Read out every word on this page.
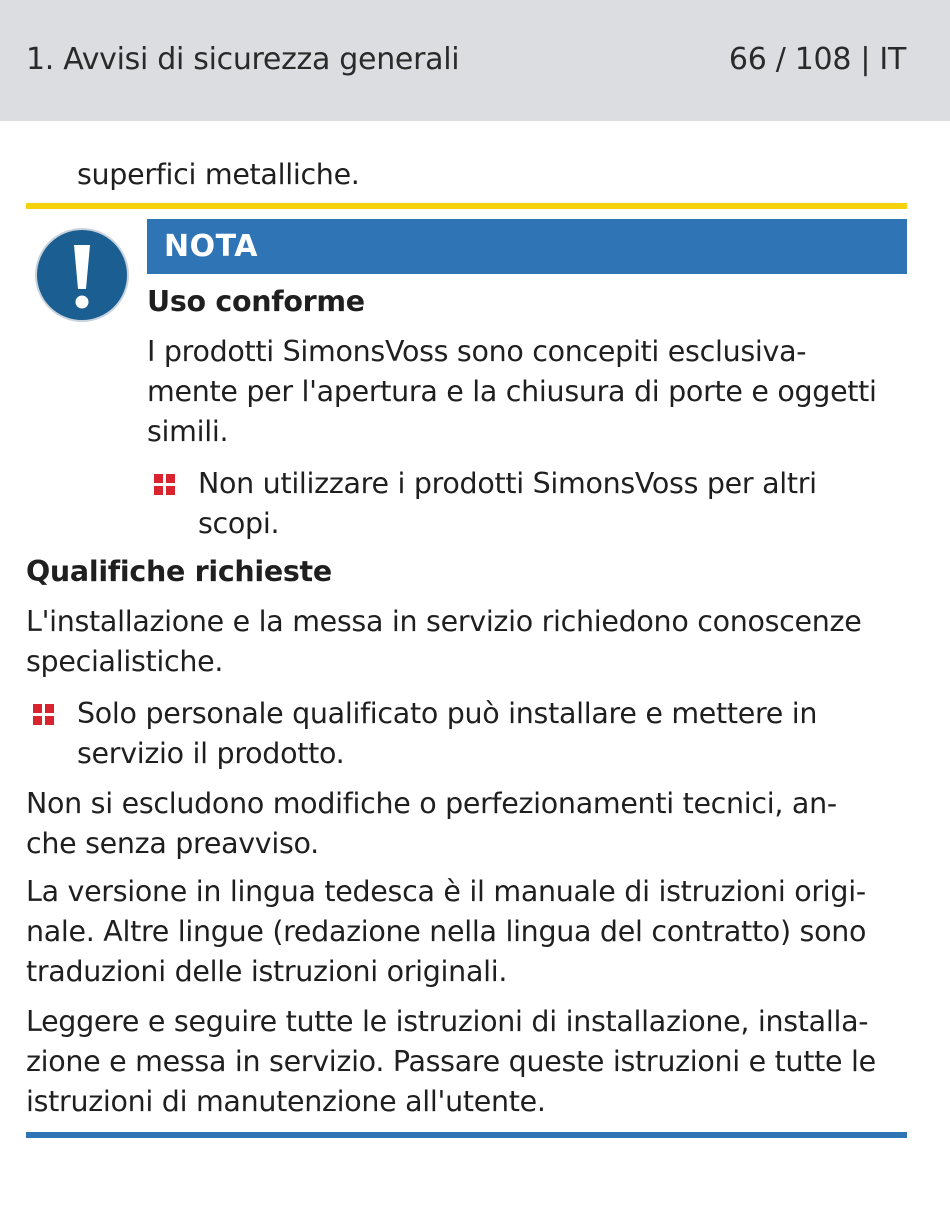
1. Avvisi di sicurezza generali	66 / 108 | IT
superfici metalliche.
NOTA
Uso conforme
I prodotti SimonsVoss sono concepiti esclusiva-
mente per l'apertura e la chiusura di porte e oggetti
simili.
Non utilizzare i prodotti SimonsVoss per altri
scopi.
Qualifiche richieste
L'installazione e la messa in servizio richiedono conoscenze
specialistiche.
Solo personale qualificato può installare e mettere in
servizio il prodotto.
Non si escludono modifiche o perfezionamenti tecnici, an-
che senza preavviso.
La versione in lingua tedesca è il manuale di istruzioni origi-
nale. Altre lingue (redazione nella lingua del contratto) sono
traduzioni delle istruzioni originali.
Leggere e seguire tutte le istruzioni di installazione, installa-
zione e messa in servizio. Passare queste istruzioni e tutte le
istruzioni di manutenzione all'utente.
